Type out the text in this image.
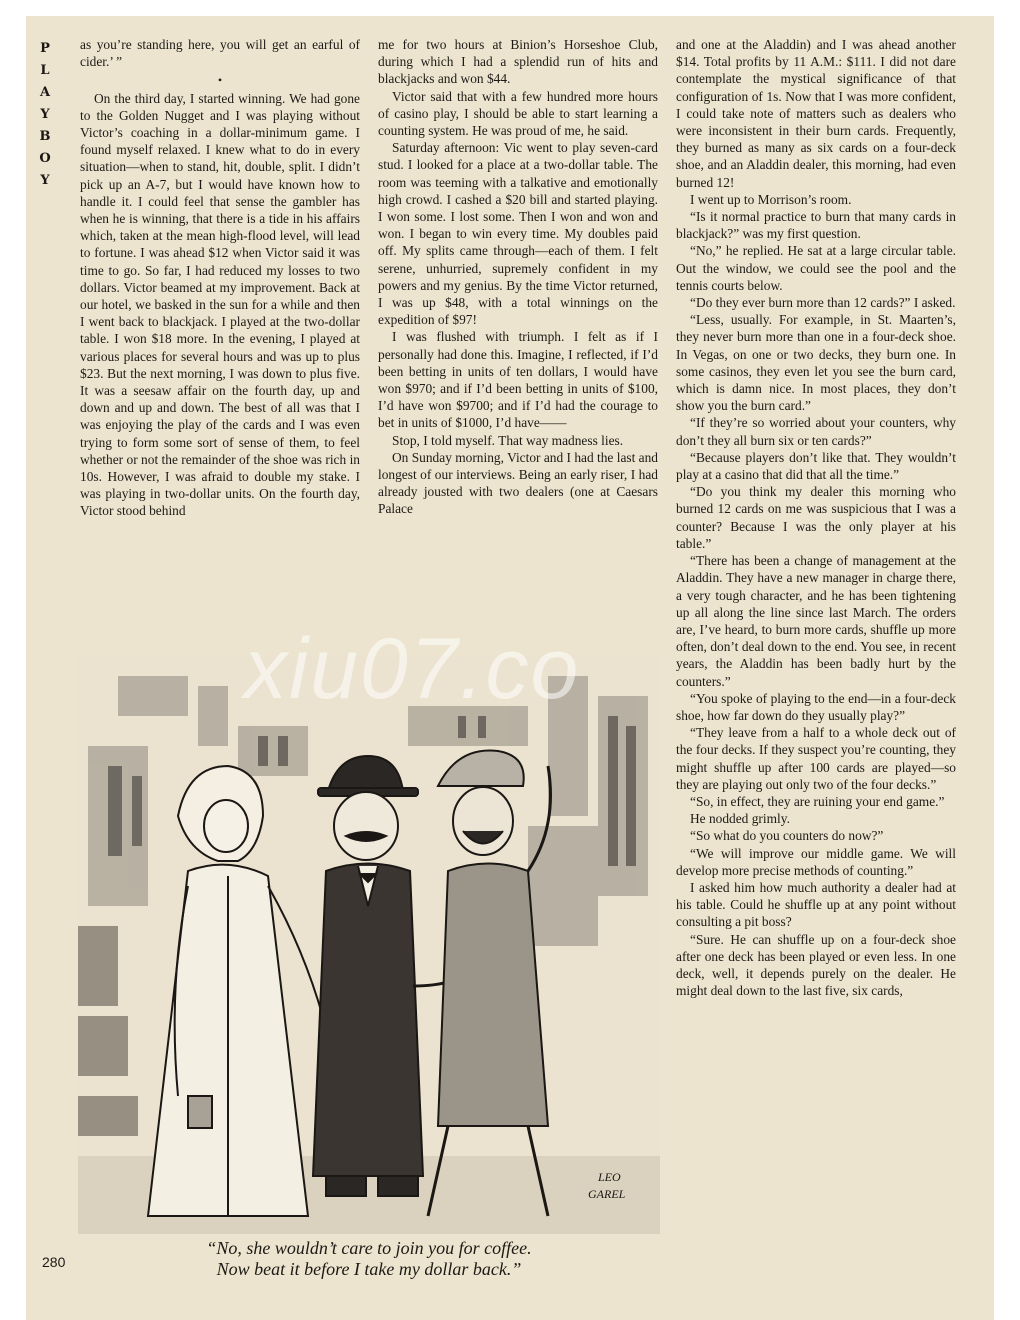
P
L
A
Y
B
O
Y

as you’re standing here, you will get an earful of cider.’ ”

•

On the third day, I started winning. We had gone to the Golden Nugget and I was playing without Victor’s coaching in a dollar-minimum game. I found myself relaxed. I knew what to do in every situation—when to stand, hit, double, split. I didn’t pick up an A-7, but I would have known how to handle it. I could feel that sense the gambler has when he is winning, that there is a tide in his affairs which, taken at the mean high-flood level, will lead to fortune. I was ahead $12 when Victor said it was time to go. So far, I had reduced my losses to two dollars. Victor beamed at my improvement. Back at our hotel, we basked in the sun for a while and then I went back to blackjack. I played at the two-dollar table. I won $18 more. In the evening, I played at various places for several hours and was up to plus $23. But the next morning, I was down to plus five. It was a seesaw affair on the fourth day, up and down and up and down. The best of all was that I was enjoying the play of the cards and I was even trying to form some sort of sense of them, to feel whether or not the remainder of the shoe was rich in 10s. However, I was afraid to double my stake. I was playing in two-dollar units. On the fourth day, Victor stood behind

me for two hours at Binion’s Horseshoe Club, during which I had a splendid run of hits and blackjacks and won $44.

Victor said that with a few hundred more hours of casino play, I should be able to start learning a counting system. He was proud of me, he said.

Saturday afternoon: Vic went to play seven-card stud. I looked for a place at a two-dollar table. The room was teeming with a talkative and emotionally high crowd. I cashed a $20 bill and started playing. I won some. I lost some. Then I won and won and won. I began to win every time. My doubles paid off. My splits came through—each of them. I felt serene, unhurried, supremely confident in my powers and my genius. By the time Victor returned, I was up $48, with a total winnings on the expedition of $97!

I was flushed with triumph. I felt as if I personally had done this. Imagine, I reflected, if I’d been betting in units of ten dollars, I would have won $970; and if I’d been betting in units of $100, I’d have won $9700; and if I’d had the courage to bet in units of $1000, I’d have——

Stop, I told myself. That way madness lies.

On Sunday morning, Victor and I had the last and longest of our interviews. Being an early riser, I had already jousted with two dealers (one at Caesars Palace

and one at the Aladdin) and I was ahead another $14. Total profits by 11 A.M.: $111. I did not dare contemplate the mystical significance of that configuration of 1s. Now that I was more confident, I could take note of matters such as dealers who were inconsistent in their burn cards. Frequently, they burned as many as six cards on a four-deck shoe, and an Aladdin dealer, this morning, had even burned 12!

I went up to Morrison’s room.

“Is it normal practice to burn that many cards in blackjack?” was my first question.

“No,” he replied. He sat at a large circular table. Out the window, we could see the pool and the tennis courts below.

“Do they ever burn more than 12 cards?” I asked.

“Less, usually. For example, in St. Maarten’s, they never burn more than one in a four-deck shoe. In Vegas, on one or two decks, they burn one. In some casinos, they even let you see the burn card, which is damn nice. In most places, they don’t show you the burn card.”

“If they’re so worried about your counters, why don’t they all burn six or ten cards?”

“Because players don’t like that. They wouldn’t play at a casino that did that all the time.”

“Do you think my dealer this morning who burned 12 cards on me was suspicious that I was a counter? Because I was the only player at his table.”

“There has been a change of management at the Aladdin. They have a new manager in charge there, a very tough character, and he has been tightening up all along the line since last March. The orders are, I’ve heard, to burn more cards, shuffle up more often, don’t deal down to the end. You see, in recent years, the Aladdin has been badly hurt by the counters.”

“You spoke of playing to the end—in a four-deck shoe, how far down do they usually play?”

“They leave from a half to a whole deck out of the four decks. If they suspect you’re counting, they might shuffle up after 100 cards are played—so they are playing out only two of the four decks.”

“So, in effect, they are ruining your end game.”

He nodded grimly.

“So what do you counters do now?”

“We will improve our middle game. We will develop more precise methods of counting.”

I asked him how much authority a dealer had at his table. Could he shuffle up at any point without consulting a pit boss?

“Sure. He can shuffle up on a four-deck shoe after one deck has been played or even less. In one deck, well, it depends purely on the dealer. He might deal down to the last five, six cards,

LEO
GAREL
“No, she wouldn’t care to join you for coffee.
Now beat it before I take my dollar back.”
280
xiu07.co
